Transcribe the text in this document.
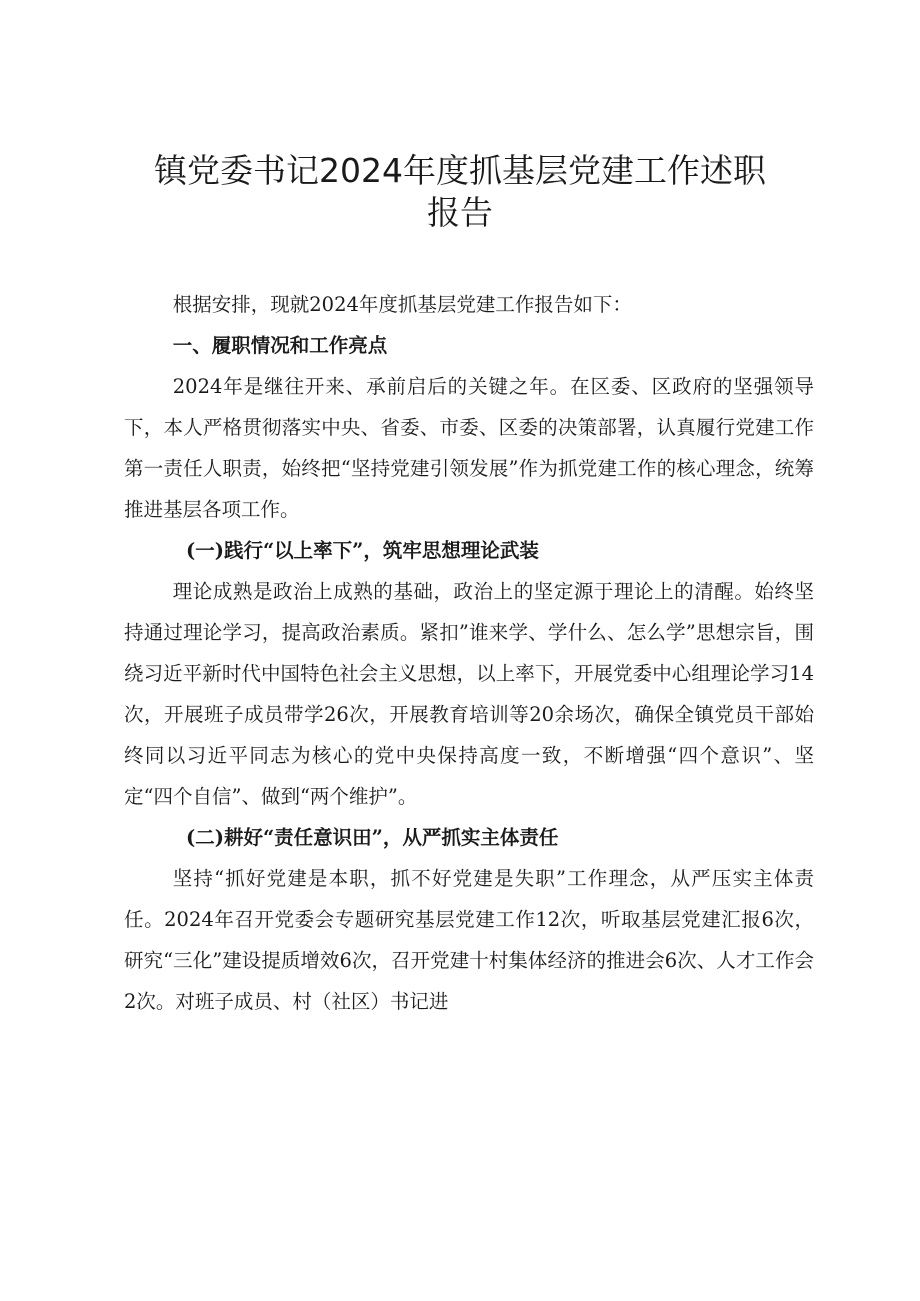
镇党委书记2024年度抓基层党建工作述职报告

根据安排，现就2024年度抓基层党建工作报告如下：

一、履职情况和工作亮点

2024年是继往开来、承前启后的关键之年。在区委、区政府的坚强领导下，本人严格贯彻落实中央、省委、市委、区委的决策部署，认真履行党建工作第一责任人职责，始终把“坚持党建引领发展”作为抓党建工作的核心理念，统筹推进基层各项工作。

(一)践行“以上率下”，筑牢思想理论武装

理论成熟是政治上成熟的基础，政治上的坚定源于理论上的清醒。始终坚持通过理论学习，提高政治素质。紧扣”谁来学、学什么、怎么学”思想宗旨，围绕习近平新时代中国特色社会主义思想，以上率下，开展党委中心组理论学习14次，开展班子成员带学26次，开展教育培训等20余场次，确保全镇党员干部始终同以习近平同志为核心的党中央保持高度一致，不断增强“四个意识”、坚定“四个自信”、做到“两个维护”。

(二)耕好“责任意识田”，从严抓实主体责任

坚持“抓好党建是本职，抓不好党建是失职”工作理念，从严压实主体责任。2024年召开党委会专题研究基层党建工作12次，听取基层党建汇报6次，研究“三化”建设提质增效6次，召开党建十村集体经济的推进会6次、人才工作会2次。对班子成员、村（社区）书记进
